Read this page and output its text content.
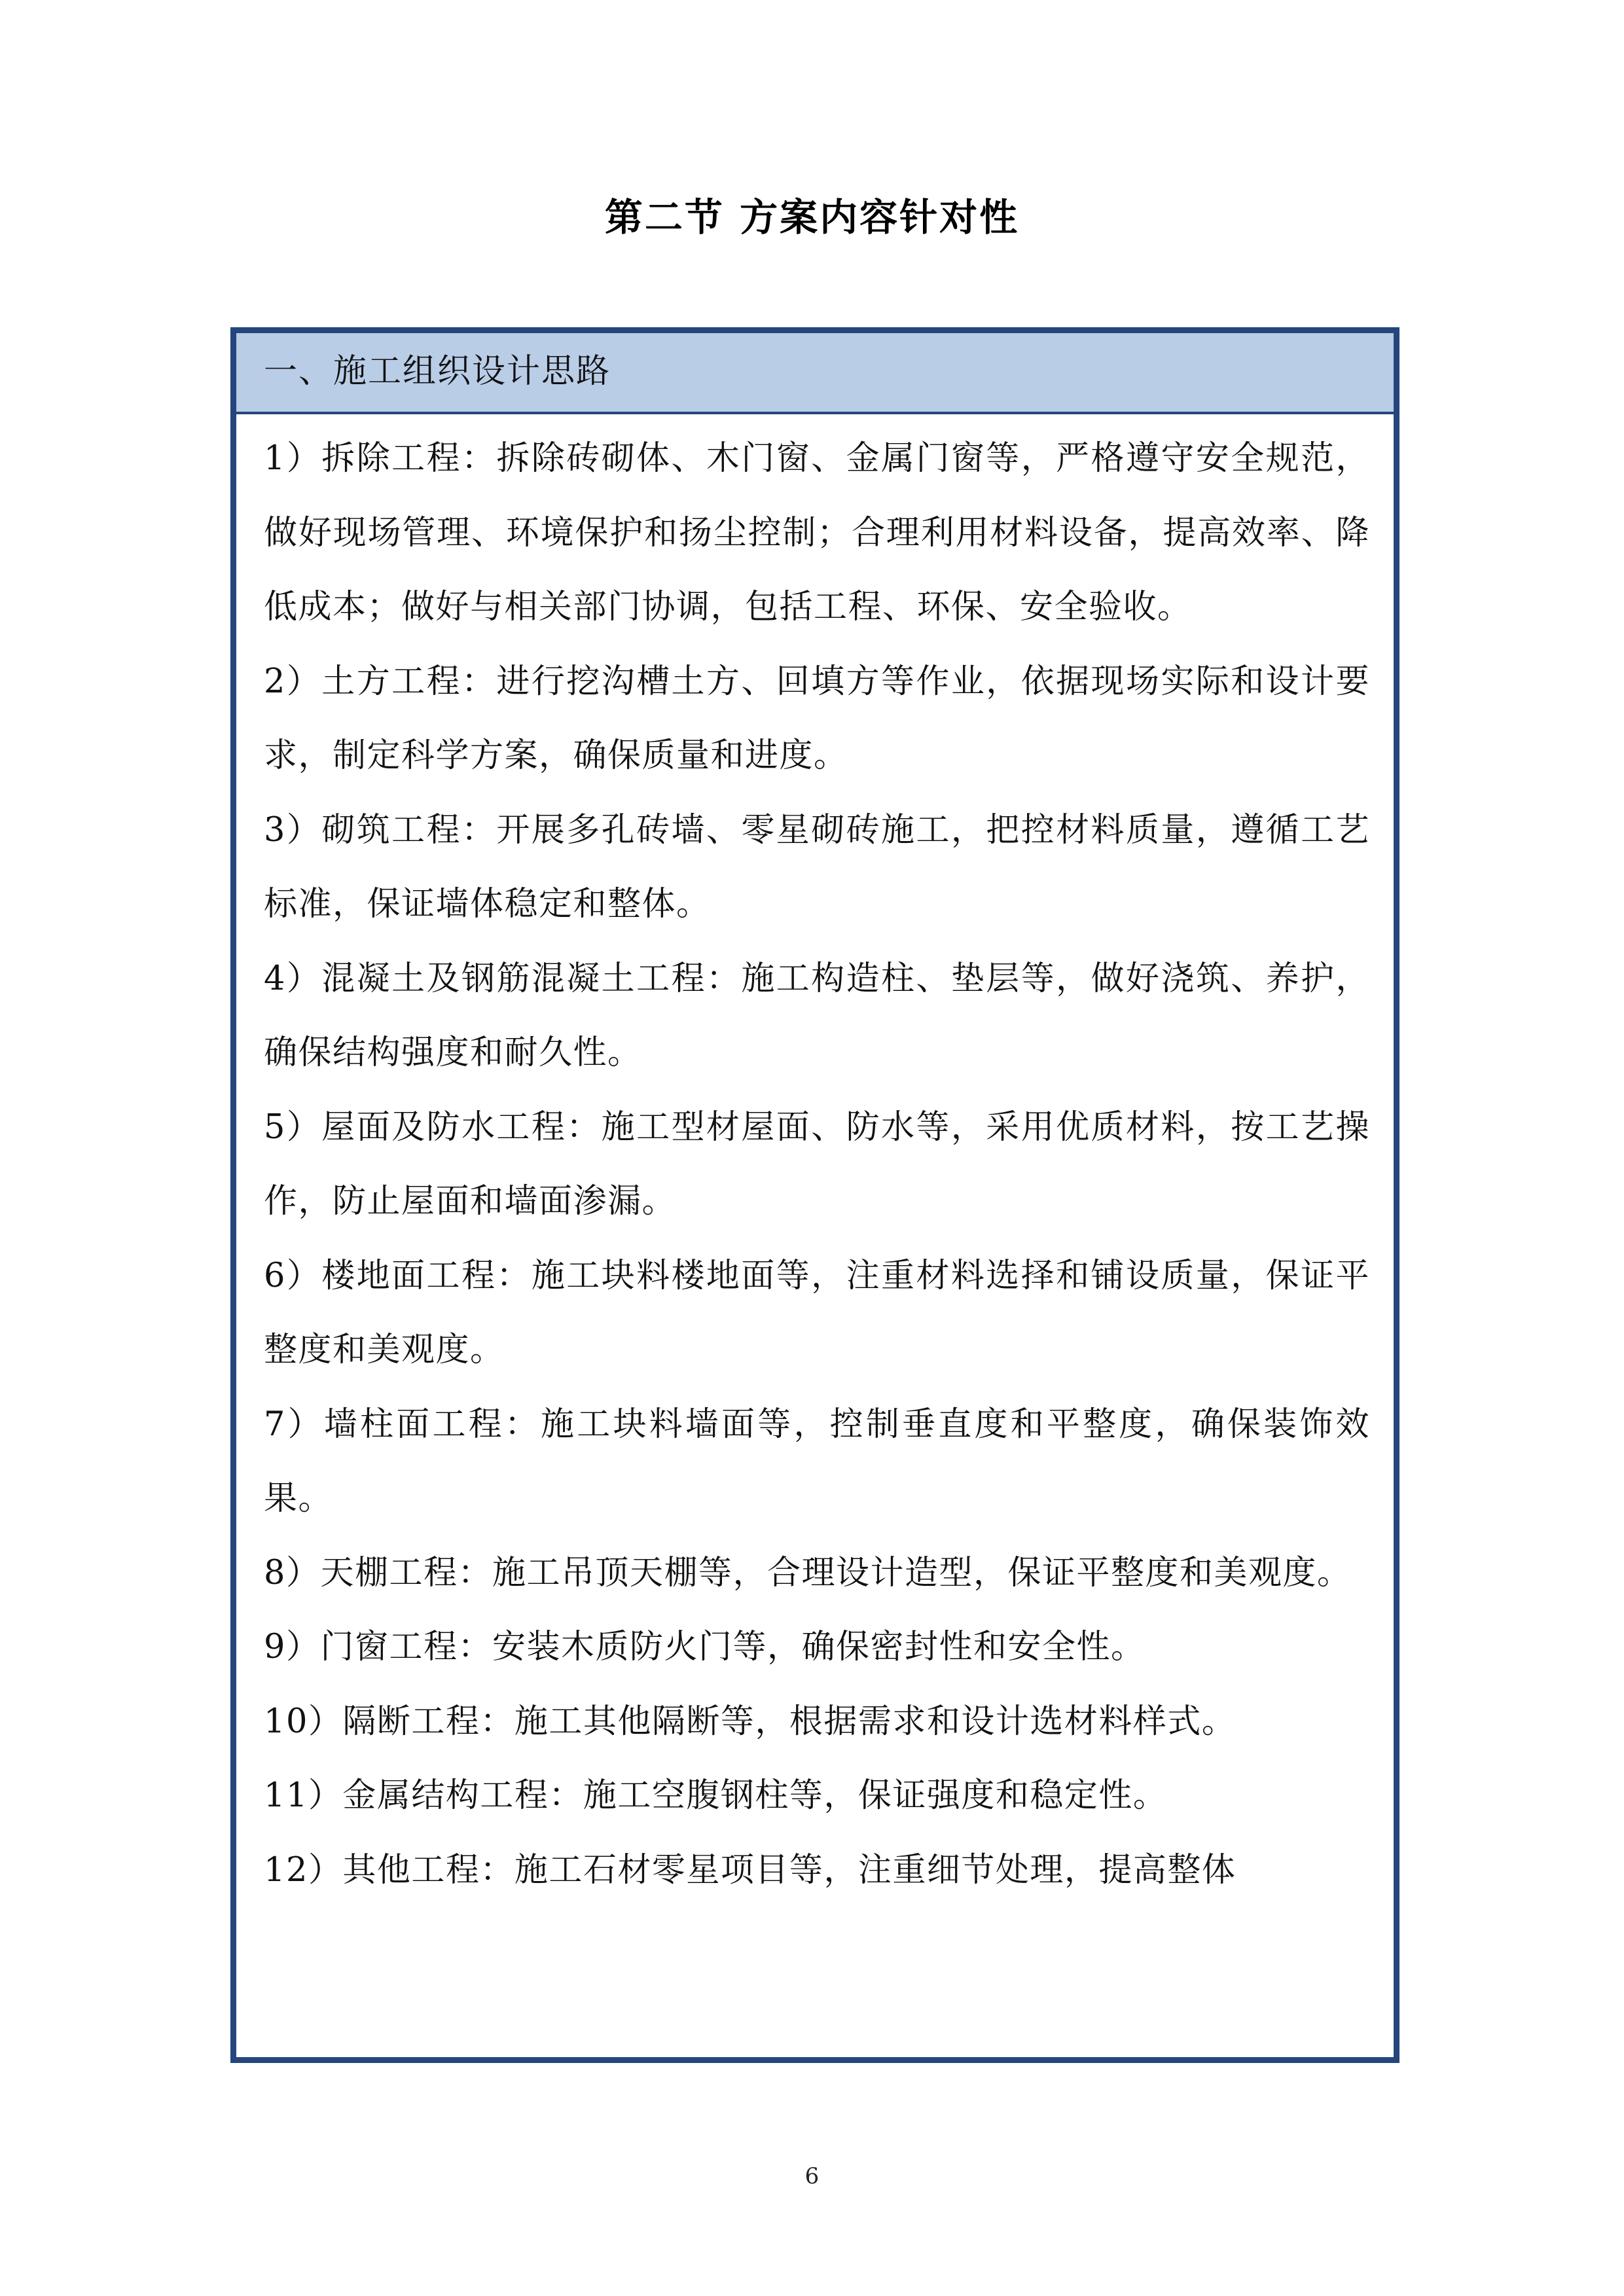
第二节 方案内容针对性
一、施工组织设计思路

1）拆除工程：拆除砖砌体、木门窗、金属门窗等，严格遵守安全规范，做好现场管理、环境保护和扬尘控制；合理利用材料设备，提高效率、降低成本；做好与相关部门协调，包括工程、环保、安全验收。

2）土方工程：进行挖沟槽土方、回填方等作业，依据现场实际和设计要求，制定科学方案，确保质量和进度。

3）砌筑工程：开展多孔砖墙、零星砌砖施工，把控材料质量，遵循工艺标准，保证墙体稳定和整体。

4）混凝土及钢筋混凝土工程：施工构造柱、垫层等，做好浇筑、养护，确保结构强度和耐久性。

5）屋面及防水工程：施工型材屋面、防水等，采用优质材料，按工艺操作，防止屋面和墙面渗漏。

6）楼地面工程：施工块料楼地面等，注重材料选择和铺设质量，保证平整度和美观度。

7）墙柱面工程：施工块料墙面等，控制垂直度和平整度，确保装饰效果。

8）天棚工程：施工吊顶天棚等，合理设计造型，保证平整度和美观度。

9）门窗工程：安装木质防火门等，确保密封性和安全性。

10）隔断工程：施工其他隔断等，根据需求和设计选材料样式。

11）金属结构工程：施工空腹钢柱等，保证强度和稳定性。

12）其他工程：施工石材零星项目等，注重细节处理，提高整体

6
